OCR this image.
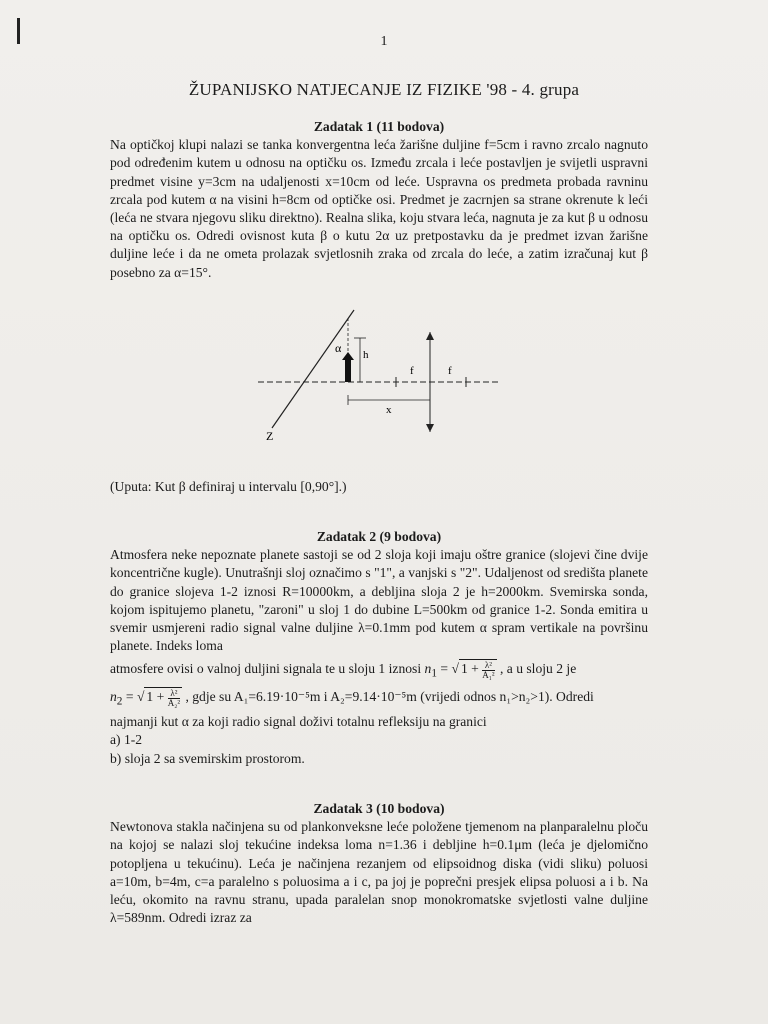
1
ŽUPANIJSKO NATJECANJE IZ FIZIKE '98 - 4. grupa
Zadatak 1 (11 bodova)
Na optičkoj klupi nalazi se tanka konvergentna leća žarišne duljine f=5cm i ravno zrcalo nagnuto pod određenim kutem u odnosu na optičku os. Između zrcala i leće postavljen je svijetli uspravni predmet visine y=3cm na udaljenosti x=10cm od leće. Uspravna os predmeta probada ravninu zrcala pod kutem α na visini h=8cm od optičke osi. Predmet je zacrnjen sa strane okrenute k leći (leća ne stvara njegovu sliku direktno). Realna slika, koju stvara leća, nagnuta je za kut β u odnosu na optičku os. Odredi ovisnost kuta β o kutu 2α uz pretpostavku da je predmet izvan žarišne duljine leće i da ne ometa prolazak svjetlosnih zraka od zrcala do leće, a zatim izračunaj kut β posebno za α=15°.
h
α
f	f
x
Z
(Uputa: Kut β definiraj u intervalu [0,90°].)
Zadatak 2 (9 bodova)
Atmosfera neke nepoznate planete sastoji se od 2 sloja koji imaju oštre granice (slojevi čine dvije koncentrične kugle). Unutrašnji sloj označimo s "1", a vanjski s "2". Udaljenost od središta planete do granice slojeva 1-2 iznosi R=10000km, a debljina sloja 2 je h=2000km. Svemirska sonda, kojom ispitujemo planetu, "zaroni" u sloj 1 do dubine L=500km od granice 1-2. Sonda emitira u svemir usmjereni radio signal valne duljine λ=0.1mm pod kutem α spram vertikale na površinu planete. Indeks loma
atmosfere ovisi o valnoj duljini signala te u sloju 1 iznosi $n_1$ = √ $1 + \frac{\text{λ²}}{\text{A₁²}}$ , a u sloju 2 je
$n_2$ = √ $1 + \frac{\text{λ²}}{\text{A₂²}}$ , gdje su A₁=6.19·10⁻⁵m i A₂=9.14·10⁻⁵m (vrijedi odnos n₁>n₂>1). Odredi
najmanji kut α za koji radio signal doživi totalnu refleksiju na granici
a) 1-2
b) sloja 2 sa svemirskim prostorom.
Zadatak 3 (10 bodova)
Newtonova stakla načinjena su od plankonveksne leće položene tjemenom na planparalelnu ploču na kojoj se nalazi sloj tekućine indeksa loma n=1.36 i debljine h=0.1μm (leća je djelomično potopljena u tekućinu). Leća je načinjena rezanjem od elipsoidnog diska (vidi sliku) poluosi a=10m, b=4m, c=a paralelno s poluosima a i c, pa joj je poprečni presjek elipsa poluosi a i b. Na leću, okomito na ravnu stranu, upada paralelan snop monokromatske svjetlosti valne duljine λ=589nm. Odredi izraz za
